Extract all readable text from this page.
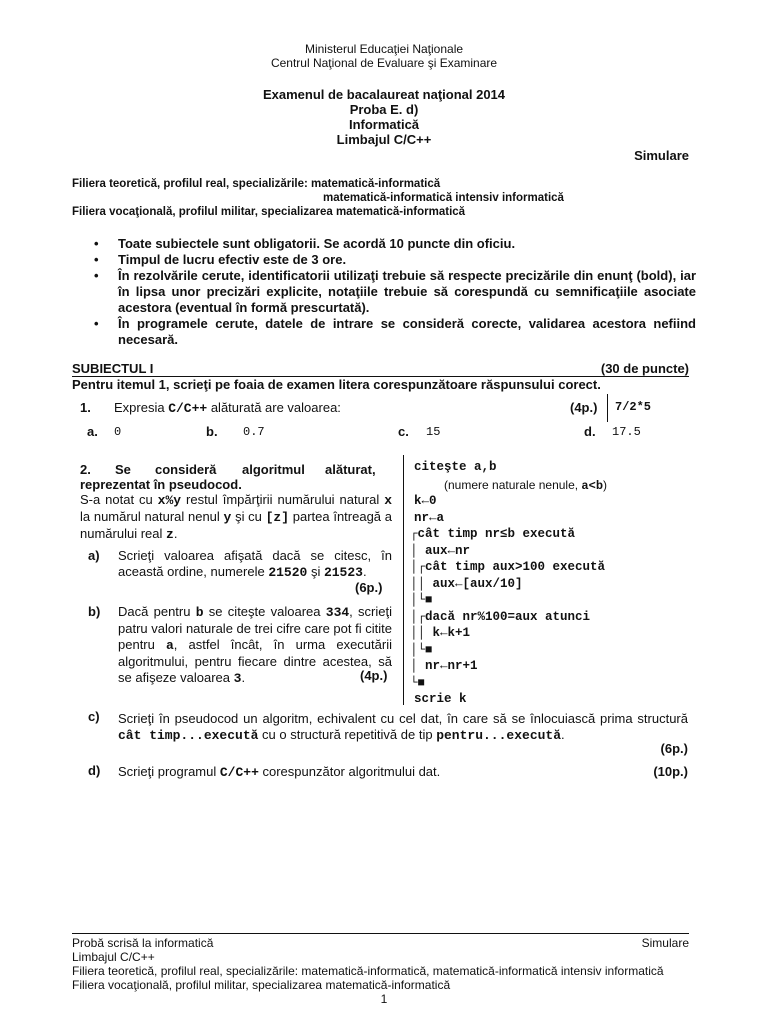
Ministerul Educaţiei Naţionale
Centrul Naţional de Evaluare şi Examinare
Examenul de bacalaureat naţional 2014
Proba E. d)
Informatică
Limbajul C/C++
Simulare
Filiera teoretică, profilul real, specializările: matematică-informatică
matematică-informatică intensiv informatică
Filiera vocaţională, profilul militar, specializarea matematică-informatică
• Toate subiectele sunt obligatorii. Se acordă 10 puncte din oficiu.
• Timpul de lucru efectiv este de 3 ore.
• În rezolvările cerute, identificatorii utilizaţi trebuie să respecte precizările din enunţ (bold), iar în lipsa unor precizări explicite, notaţiile trebuie să corespundă cu semnificaţiile asociate acestora (eventual în formă prescurtată).
• În programele cerute, datele de intrare se consideră corecte, validarea acestora nefiind necesară.
SUBIECTUL I	(30 de puncte)
Pentru itemul 1, scrieţi pe foaia de examen litera corespunzătoare răspunsului corect.
1. Expresia C/C++ alăturată are valoarea:	(4p.) 7/2*5
a. 0	b. 0.7	c. 15	d. 17.5
2. Se consideră algoritmul alăturat,
reprezentat în pseudocod.
S-a notat cu x%y restul împărţirii numărului natural x la numărul natural nenul y şi cu [z] partea întreagă a numărului real z.
a) Scrieţi valoarea afişată dacă se citesc, în această ordine, numerele 21520 şi 21523.
(6p.)
b) Dacă pentru b se citeşte valoarea 334, scrieţi patru valori naturale de trei cifre care pot fi citite pentru a, astfel încât, în urma executării algoritmului, pentru fiecare dintre acestea, să se afişeze valoarea 3.	(4p.)
citeşte a,b
(numere naturale nenule, a<b)
k←0
nr←a
┌cât timp nr≤b execută
│ aux←nr
│┌cât timp aux>100 execută
││ aux←[aux/10]
│└■
│┌dacă nr%100=aux atunci
││ k←k+1
│└■
│ nr←nr+1
└■
scrie k
c) Scrieţi în pseudocod un algoritm, echivalent cu cel dat, în care să se înlocuiască prima structură cât timp...execută cu o structură repetitivă de tip pentru...execută.
(6p.)
d) Scrieţi programul C/C++ corespunzător algoritmului dat.	(10p.)
Probă scrisă la informatică	Simulare
Limbajul C/C++
Filiera teoretică, profilul real, specializările: matematică-informatică, matematică-informatică intensiv informatică
Filiera vocaţională, profilul militar, specializarea matematică-informatică
1
